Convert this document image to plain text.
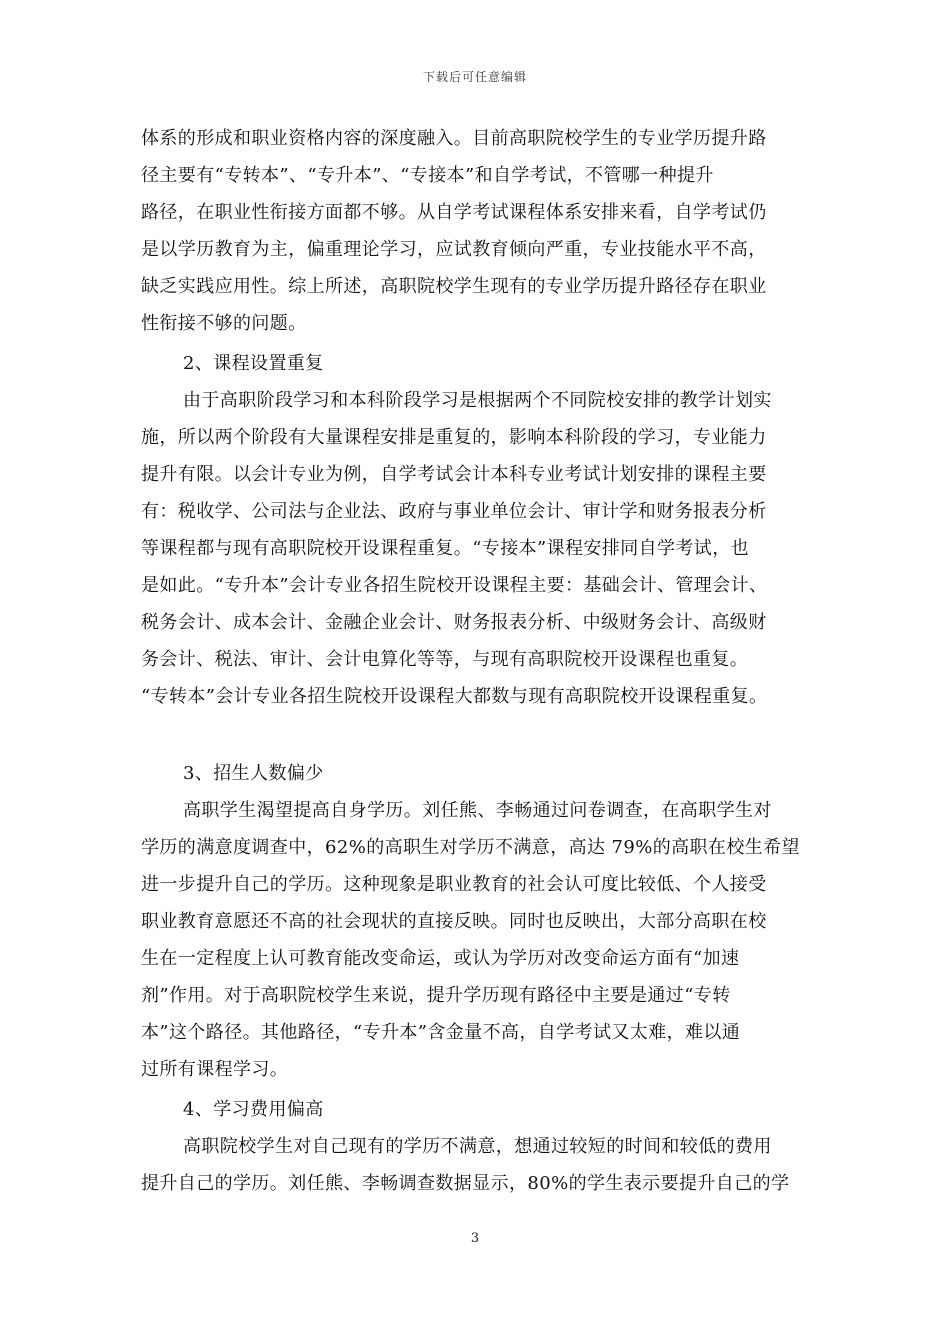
下载后可任意编辑
体系的形成和职业资格内容的深度融入。目前高职院校学生的专业学历提升路
径主要有“专转本”、“专升本”、“专接本”和自学考试，不管哪一种提升
路径，在职业性衔接方面都不够。从自学考试课程体系安排来看，自学考试仍
是以学历教育为主，偏重理论学习，应试教育倾向严重，专业技能水平不高，
缺乏实践应用性。综上所述，高职院校学生现有的专业学历提升路径存在职业
性衔接不够的问题。
2、课程设置重复
由于高职阶段学习和本科阶段学习是根据两个不同院校安排的教学计划实
施，所以两个阶段有大量课程安排是重复的，影响本科阶段的学习，专业能力
提升有限。以会计专业为例，自学考试会计本科专业考试计划安排的课程主要
有：税收学、公司法与企业法、政府与事业单位会计、审计学和财务报表分析
等课程都与现有高职院校开设课程重复。“专接本”课程安排同自学考试，也
是如此。“专升本”会计专业各招生院校开设课程主要：基础会计、管理会计、
税务会计、成本会计、金融企业会计、财务报表分析、中级财务会计、高级财
务会计、税法、审计、会计电算化等等，与现有高职院校开设课程也重复。
“专转本”会计专业各招生院校开设课程大都数与现有高职院校开设课程重复。
3、招生人数偏少
高职学生渴望提高自身学历。刘任熊、李畅通过问卷调查，在高职学生对
学历的满意度调查中，62%的高职生对学历不满意，高达 79%的高职在校生希望
进一步提升自己的学历。这种现象是职业教育的社会认可度比较低、个人接受
职业教育意愿还不高的社会现状的直接反映。同时也反映出，大部分高职在校
生在一定程度上认可教育能改变命运，或认为学历对改变命运方面有“加速
剂”作用。对于高职院校学生来说，提升学历现有路径中主要是通过“专转
本”这个路径。其他路径，“专升本”含金量不高，自学考试又太难，难以通
过所有课程学习。
4、学习费用偏高
高职院校学生对自己现有的学历不满意，想通过较短的时间和较低的费用
提升自己的学历。刘任熊、李畅调查数据显示，80%的学生表示要提升自己的学
3
